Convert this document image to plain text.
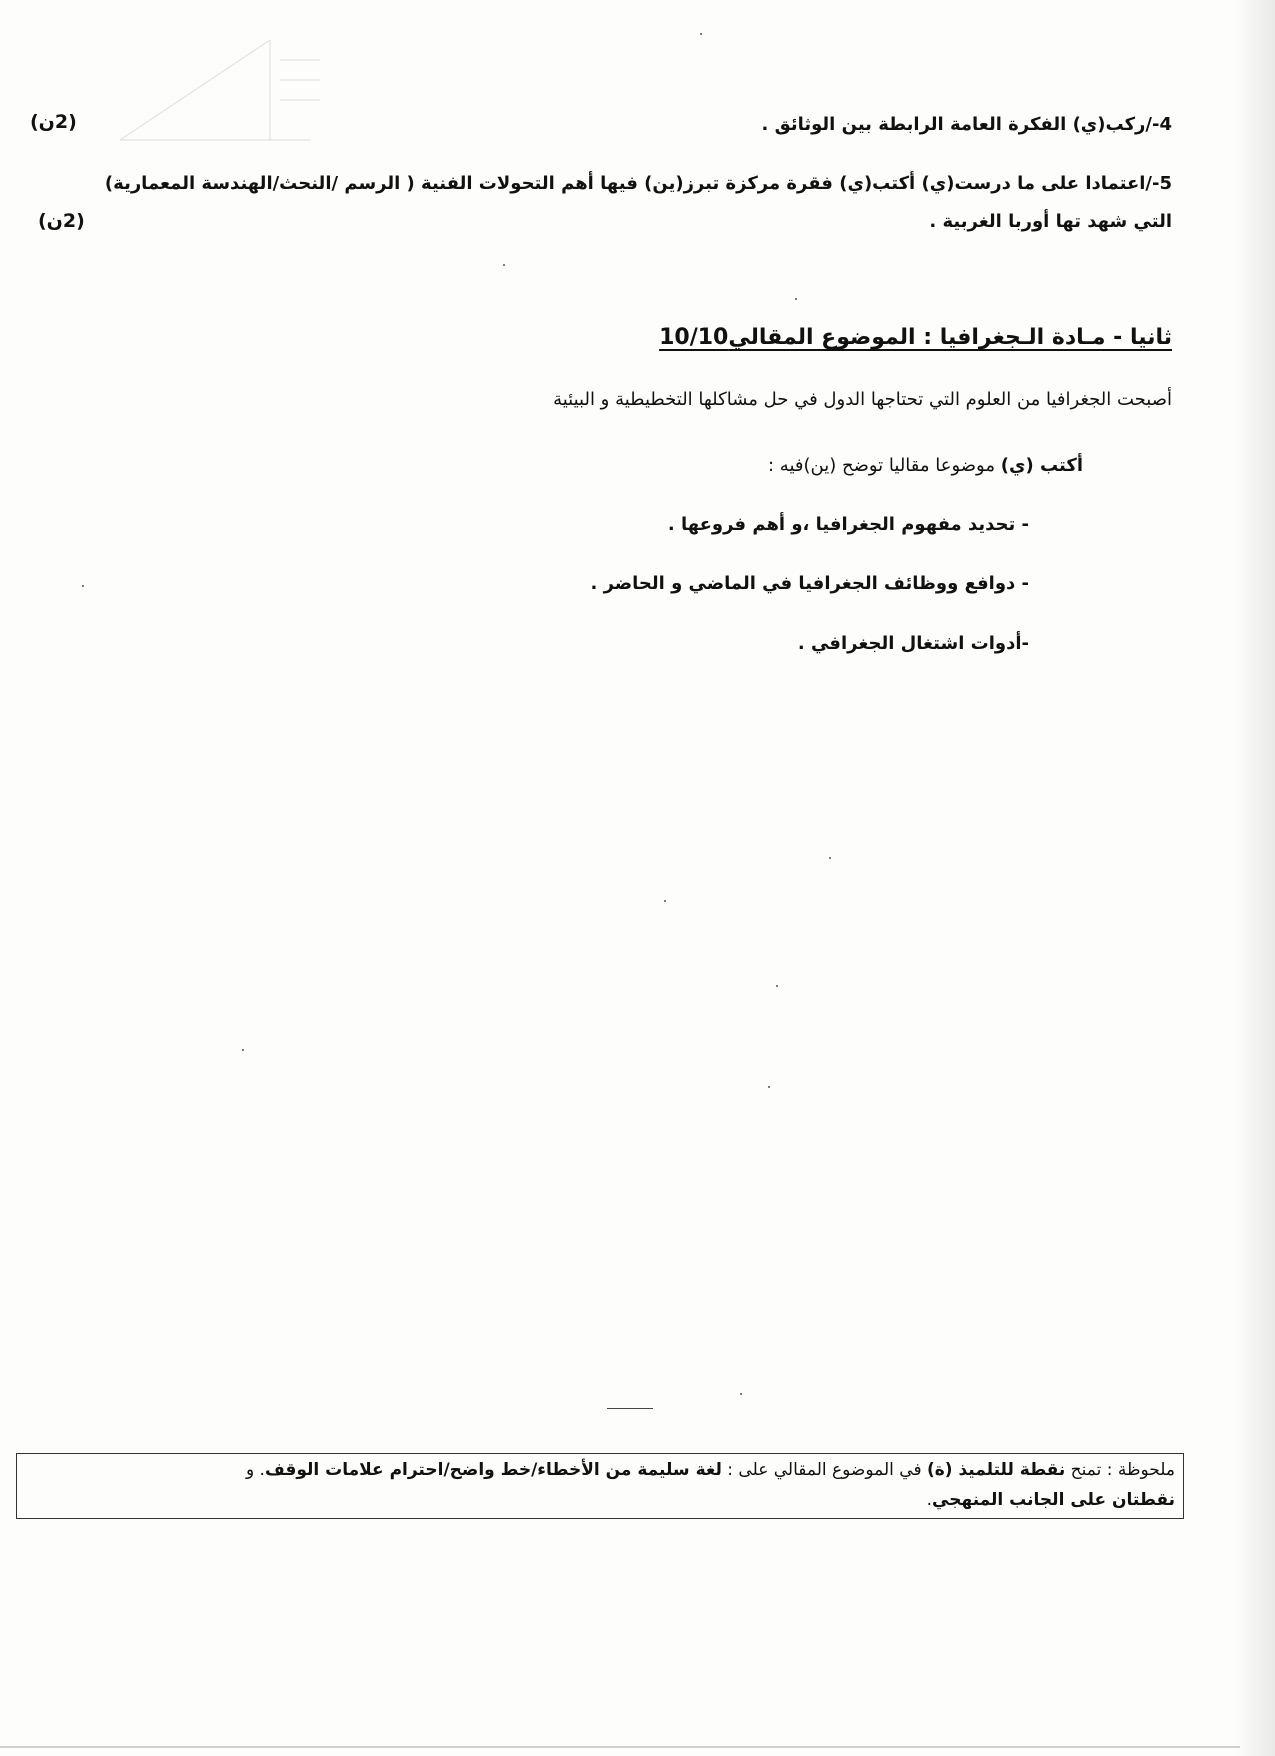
4-/ركب(ي) الفكرة العامة الرابطة بين الوثائق .
(2ن)
5-/اعتمادا على ما درست(ي) أكتب(ي) فقرة مركزة تبرز(ين) فيها أهم التحولات الفنية ( الرسم /النحث/الهندسة المعمارية)
التي شهد تها أوربا الغربية .
(2ن)
ثانيا - مـادة الـجغرافيا : الموضوع المقالي10/10
أصبحت الجغرافيا من العلوم التي تحتاجها الدول في حل مشاكلها التخطيطية و البيئية
أكتب (ي) موضوعا مقاليا توضح (ين)فيه :
- تحديد مفهوم الجغرافيا ،و أهم فروعها .
- دوافع ووظائف الجغرافيا في الماضي و الحاضر .
-أدوات اشتغال الجغرافي .
ملحوظة : تمنح نقطة للتلميذ (ة) في الموضوع المقالي على : لغة سليمة من الأخطاء/خط واضح/احترام علامات الوقف. و
نقطتان على الجانب المنهجي.
